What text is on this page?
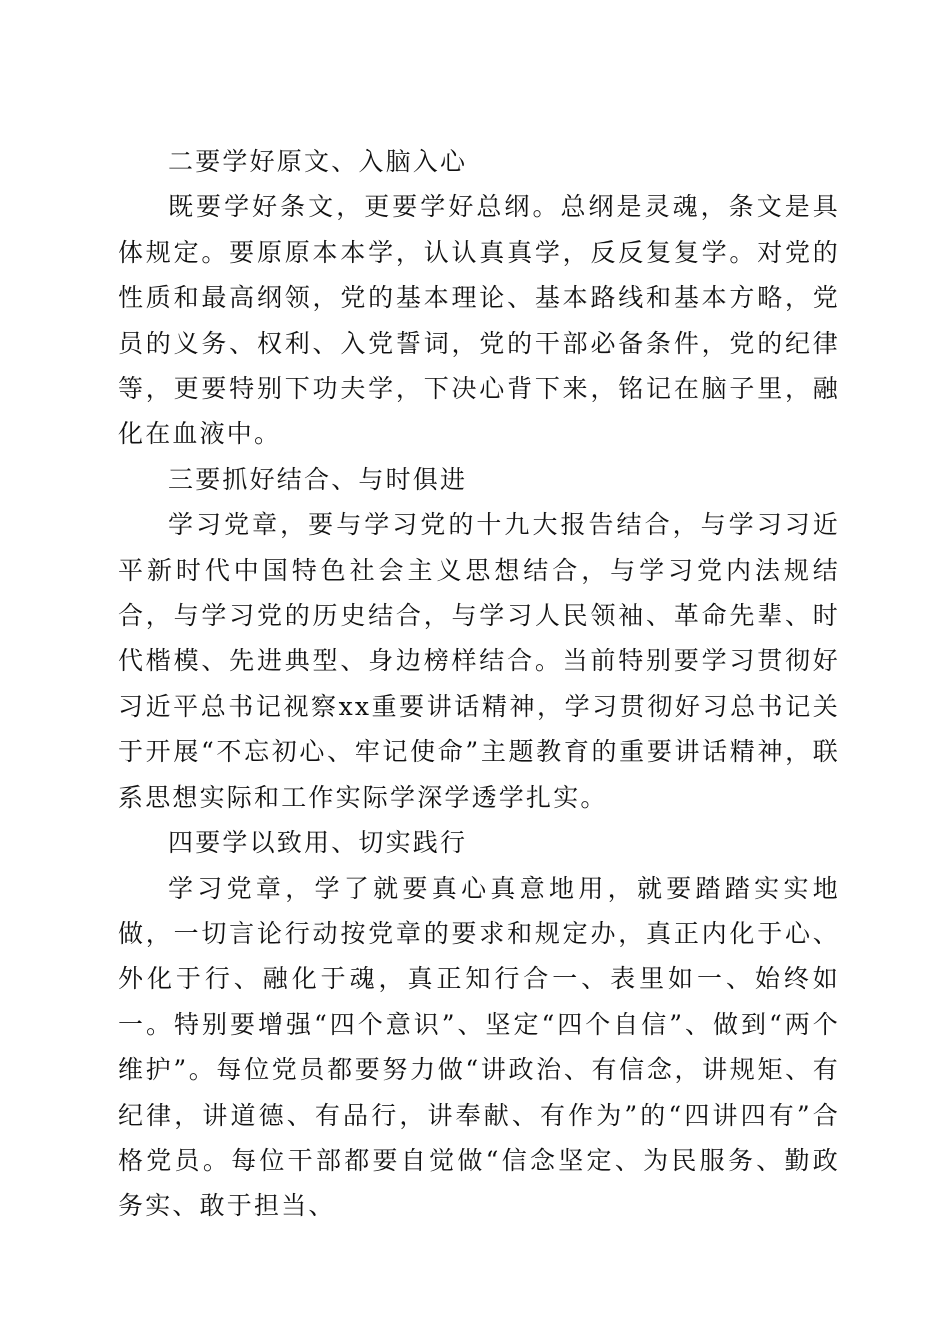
二要学好原文、入脑入心

既要学好条文，更要学好总纲。总纲是灵魂，条文是具体规定。要原原本本学，认认真真学，反反复复学。对党的性质和最高纲领，党的基本理论、基本路线和基本方略，党员的义务、权利、入党誓词，党的干部必备条件，党的纪律等，更要特别下功夫学，下决心背下来，铭记在脑子里，融化在血液中。

三要抓好结合、与时俱进

学习党章，要与学习党的十九大报告结合，与学习习近平新时代中国特色社会主义思想结合，与学习党内法规结合，与学习党的历史结合，与学习人民领袖、革命先辈、时代楷模、先进典型、身边榜样结合。当前特别要学习贯彻好习近平总书记视察xx重要讲话精神，学习贯彻好习总书记关于开展“不忘初心、牢记使命”主题教育的重要讲话精神，联系思想实际和工作实际学深学透学扎实。

四要学以致用、切实践行

学习党章，学了就要真心真意地用，就要踏踏实实地做，一切言论行动按党章的要求和规定办，真正内化于心、外化于行、融化于魂，真正知行合一、表里如一、始终如一。特别要增强“四个意识”、坚定“四个自信”、做到“两个维护”。每位党员都要努力做“讲政治、有信念，讲规矩、有纪律，讲道德、有品行，讲奉献、有作为”的“四讲四有”合格党员。每位干部都要自觉做“信念坚定、为民服务、勤政务实、敢于担当、
